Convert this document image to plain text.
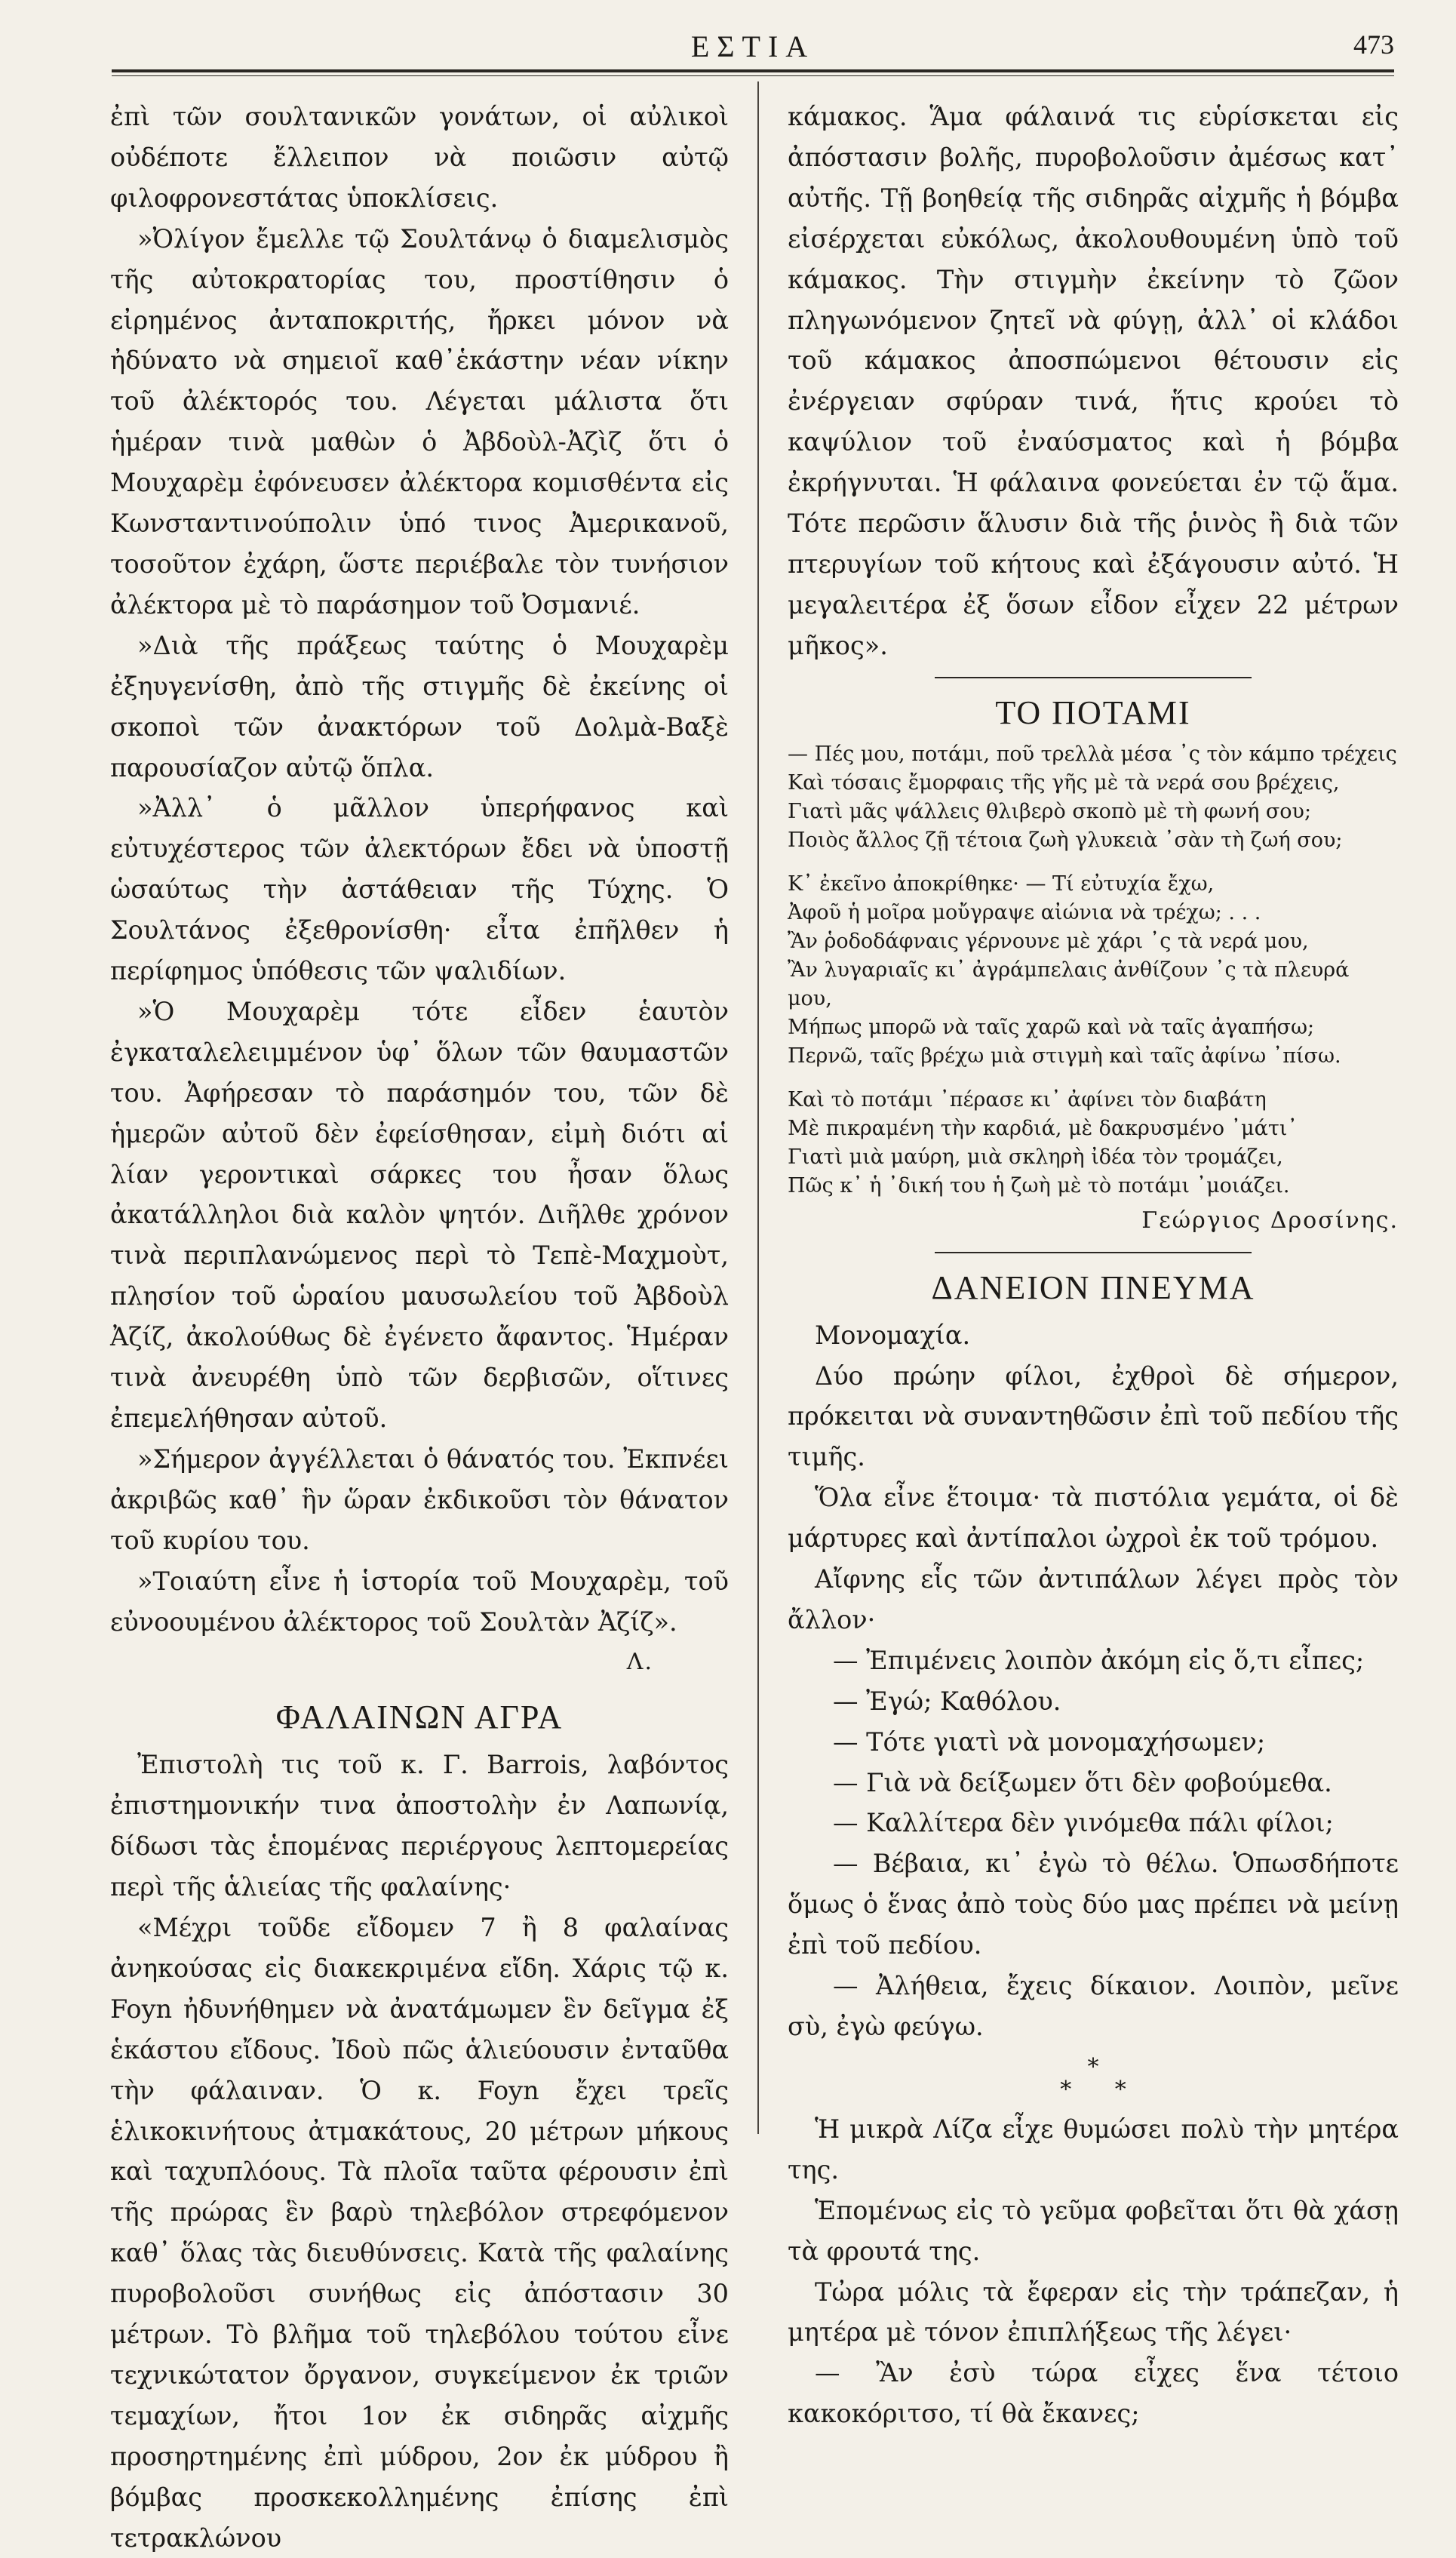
ΕΣΤΙΑ	473

ἐπὶ τῶν σουλτανικῶν γονάτων, οἱ αὐλικοὶ οὐδέποτε ἔλλειπον νὰ ποιῶσιν αὐτῷ φιλοφρονεστάτας ὑποκλίσεις.

»Ὀλίγον ἔμελλε τῷ Σουλτάνῳ ὁ διαμελισμὸς τῆς αὐτοκρατορίας του, προστίθησιν ὁ εἰρημένος ἀνταποκριτής, ἤρκει μόνον νὰ ἠδύνατο νὰ σημειοῖ καθ᾽ἑκάστην νέαν νίκην τοῦ ἀλέκτορός του. Λέγεται μάλιστα ὅτι ἡμέραν τινὰ μαθὼν ὁ Ἀβδοὺλ-Ἀζὶζ ὅτι ὁ Μουχαρὲμ ἐφόνευσεν ἀλέκτορα κομισθέντα εἰς Κωνσταντινούπολιν ὑπό τινος Ἀμερικανοῦ, τοσοῦτον ἐχάρη, ὥστε περιέβαλε τὸν τυνήσιον ἀλέκτορα μὲ τὸ παράσημον τοῦ Ὀσμανιέ.

»Διὰ τῆς πράξεως ταύτης ὁ Μουχαρὲμ ἐξηυγενίσθη, ἀπὸ τῆς στιγμῆς δὲ ἐκείνης οἱ σκοποὶ τῶν ἀνακτόρων τοῦ Δολμὰ-Βαξὲ παρουσίαζον αὐτῷ ὅπλα.

»Ἀλλ᾽ ὁ μᾶλλον ὑπερήφανος καὶ εὐτυχέστερος τῶν ἀλεκτόρων ἔδει νὰ ὑποστῇ ὡσαύτως τὴν ἀστάθειαν τῆς Τύχης. Ὁ Σουλτάνος ἐξεθρονίσθη· εἶτα ἐπῆλθεν ἡ περίφημος ὑπόθεσις τῶν ψαλιδίων.

»Ὁ Μουχαρὲμ τότε εἶδεν ἑαυτὸν ἐγκαταλελειμμένον ὑφ᾽ ὅλων τῶν θαυμαστῶν του. Ἀφήρεσαν τὸ παράσημόν του, τῶν δὲ ἡμερῶν αὐτοῦ δὲν ἐφείσθησαν, εἰμὴ διότι αἱ λίαν γεροντικαὶ σάρκες του ἦσαν ὅλως ἀκατάλληλοι διὰ καλὸν ψητόν. Διῆλθε χρόνον τινὰ περιπλανώμενος περὶ τὸ Τεπὲ-Μαχμοὺτ, πλησίον τοῦ ὡραίου μαυσωλείου τοῦ Ἀβδοὺλ Ἀζίζ, ἀκολούθως δὲ ἐγένετο ἄφαντος. Ἡμέραν τινὰ ἀνευρέθη ὑπὸ τῶν δερβισῶν, οἵτινες ἐπεμελήθησαν αὐτοῦ.

»Σήμερον ἀγγέλλεται ὁ θάνατός του. Ἐκπνέει ἀκριβῶς καθ᾽ ἣν ὥραν ἐκδικοῦσι τὸν θάνατον τοῦ κυρίου του.

»Τοιαύτη εἶνε ἡ ἱστορία τοῦ Μουχαρὲμ, τοῦ εὐνοουμένου ἀλέκτορος τοῦ Σουλτὰν Ἀζίζ».

Λ.
ΦΑΛΑΙΝΩΝ ΑΓΡΑ

Ἐπιστολὴ τις τοῦ κ. Γ. Barrois, λαβόντος ἐπιστημονικήν τινα ἀποστολὴν ἐν Λαπωνίᾳ, δίδωσι τὰς ἑπομένας περιέργους λεπτομερείας περὶ τῆς ἁλιείας τῆς φαλαίνης·

«Μέχρι τοῦδε εἴδομεν 7 ἢ 8 φαλαίνας ἀνηκούσας εἰς διακεκριμένα εἴδη. Χάρις τῷ κ. Foyn ἠδυνήθημεν νὰ ἀνατάμωμεν ἓν δεῖγμα ἐξ ἑκάστου εἴδους. Ἰδοὺ πῶς ἁλιεύουσιν ἐνταῦθα τὴν φάλαιναν. Ὁ κ. Foyn ἔχει τρεῖς ἑλικοκινήτους ἀτμακάτους, 20 μέτρων μήκους καὶ ταχυπλόους. Τὰ πλοῖα ταῦτα φέρουσιν ἐπὶ τῆς πρώρας ἓν βαρὺ τηλεβόλον στρεφόμενον καθ᾽ ὅλας τὰς διευθύνσεις. Κατὰ τῆς φαλαίνης πυροβολοῦσι συνήθως εἰς ἀπόστασιν 30 μέτρων. Τὸ βλῆμα τοῦ τηλεβόλου τούτου εἶνε τεχνικώτατον ὄργανον, συγκείμενον ἐκ τριῶν τεμαχίων, ἤτοι 1ον ἐκ σιδηρᾶς αἰχμῆς προσηρτημένης ἐπὶ μύδρου, 2ον ἐκ μύδρου ἢ βόμβας προσκεκολλημένης ἐπίσης ἐπὶ τετρακλώνου

κάμακος. Ἅμα φάλαινά τις εὑρίσκεται εἰς ἀπόστασιν βολῆς, πυροβολοῦσιν ἀμέσως κατ᾽ αὐτῆς. Τῇ βοηθείᾳ τῆς σιδηρᾶς αἰχμῆς ἡ βόμβα εἰσέρχεται εὐκόλως, ἀκολουθουμένη ὑπὸ τοῦ κάμακος. Τὴν στιγμὴν ἐκείνην τὸ ζῶον πληγωνόμενον ζητεῖ νὰ φύγῃ, ἀλλ᾽ οἱ κλάδοι τοῦ κάμακος ἀποσπώμενοι θέτουσιν εἰς ἐνέργειαν σφύραν τινά, ἥτις κρούει τὸ καψύλιον τοῦ ἐναύσματος καὶ ἡ βόμβα ἐκρήγνυται. Ἡ φάλαινα φονεύεται ἐν τῷ ἅμα. Τότε περῶσιν ἅλυσιν διὰ τῆς ῥινὸς ἢ διὰ τῶν πτερυγίων τοῦ κήτους καὶ ἐξάγουσιν αὐτό. Ἡ μεγαλειτέρα ἐξ ὅσων εἶδον εἶχεν 22 μέτρων μῆκος».

ΤΟ ΠΟΤΑΜΙ

— Πές μου, ποτάμι, ποῦ τρελλὰ μέσα ᾽ς τὸν κάμπο τρέχεις

Καὶ τόσαις ἔμορφαις τῆς γῆς μὲ τὰ νερά σου βρέχεις,

Γιατὶ μᾶς ψάλλεις θλιβερὸ σκοπὸ μὲ τὴ φωνή σου;

Ποιὸς ἄλλος ζῇ τέτοια ζωὴ γλυκειὰ ᾽σὰν τὴ ζωή σου;

Κ᾽ ἐκεῖνο ἀποκρίθηκε· — Τί εὐτυχία ἔχω,

Ἀφοῦ ἡ μοῖρα μοὔγραψε αἰώνια νὰ τρέχω; . . .

Ἂν ῥοδοδάφναις γέρνουνε μὲ χάρι ᾽ς τὰ νερά μου,

Ἂν λυγαριαῖς κι᾽ ἀγράμπελαις ἀνθίζουν ᾽ς τὰ πλευρά μου,

Μήπως μπορῶ νὰ ταῖς χαρῶ καὶ νὰ ταῖς ἀγαπήσω;

Περνῶ, ταῖς βρέχω μιὰ στιγμὴ καὶ ταῖς ἀφίνω ᾽πίσω.

Καὶ τὸ ποτάμι ᾽πέρασε κι᾽ ἀφίνει τὸν διαβάτη

Μὲ πικραμένη τὴν καρδιά, μὲ δακρυσμένο ᾽μάτι᾽

Γιατὶ μιὰ μαύρη, μιὰ σκληρὴ ἰδέα τὸν τρομάζει,

Πῶς κ᾽ ἡ ᾽δική του ἡ ζωὴ μὲ τὸ ποτάμι ᾽μοιάζει.

Γεώργιος Δροσίνης.
ΔΑΝΕΙΟΝ ΠΝΕΥΜΑ

Μονομαχία.

Δύο πρώην φίλοι, ἐχθροὶ δὲ σήμερον, πρόκειται νὰ συναντηθῶσιν ἐπὶ τοῦ πεδίου τῆς τιμῆς.

Ὅλα εἶνε ἕτοιμα· τὰ πιστόλια γεμάτα, οἱ δὲ μάρτυρες καὶ ἀντίπαλοι ὠχροὶ ἐκ τοῦ τρόμου.

Αἴφνης εἷς τῶν ἀντιπάλων λέγει πρὸς τὸν ἄλλον·

— Ἐπιμένεις λοιπὸν ἀκόμη εἰς ὅ,τι εἶπες;

— Ἐγώ; Καθόλου.

— Τότε γιατὶ νὰ μονομαχήσωμεν;

— Γιὰ νὰ δείξωμεν ὅτι δὲν φοβούμεθα.

— Καλλίτερα δὲν γινόμεθα πάλι φίλοι;

— Βέβαια, κι᾽ ἐγὼ τὸ θέλω. Ὁπωσδήποτε ὅμως ὁ ἕνας ἀπὸ τοὺς δύο μας πρέπει νὰ μείνῃ ἐπὶ τοῦ πεδίου.

— Ἀλήθεια, ἔχεις δίκαιον. Λοιπὸν, μεῖνε σὺ, ἐγὼ φεύγω.

*
* *

Ἡ μικρὰ Λίζα εἶχε θυμώσει πολὺ τὴν μητέρα της.

Ἑπομένως εἰς τὸ γεῦμα φοβεῖται ὅτι θὰ χάσῃ τὰ φρουτά της.

Τὠρα μόλις τὰ ἔφεραν εἰς τὴν τράπεζαν, ἡ μητέρα μὲ τόνον ἐπιπλήξεως τῆς λέγει·

— Ἂν ἐσὺ τώρα εἶχες ἕνα τέτοιο κακοκόριτσο, τί θὰ ἔκανες;
